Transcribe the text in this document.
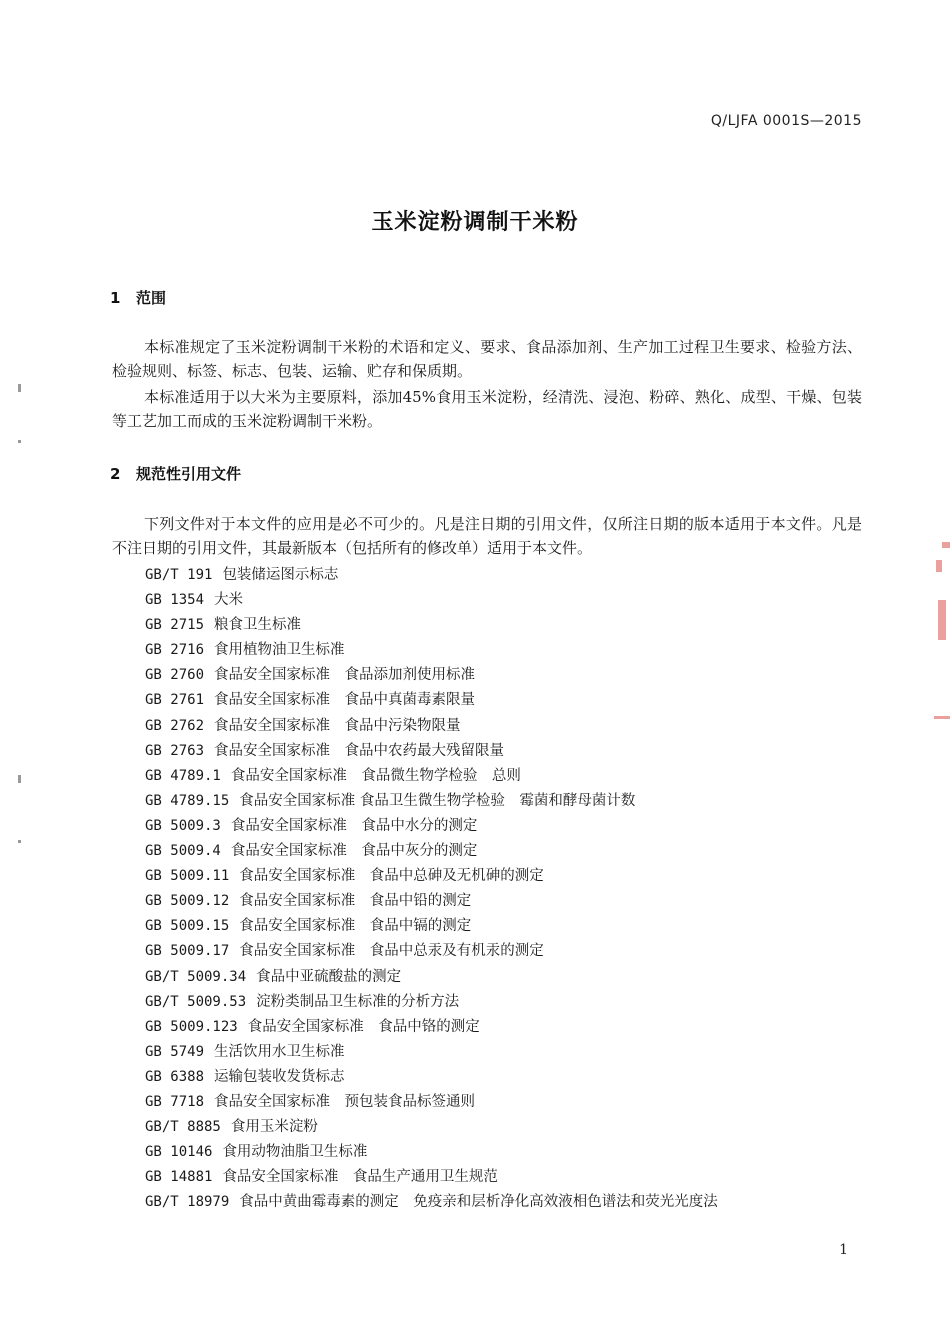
Q/LJFA 0001S—2015
玉米淀粉调制干米粉
1 范围

本标准规定了玉米淀粉调制干米粉的术语和定义、要求、食品添加剂、生产加工过程卫生要求、检验方法、检验规则、标签、标志、包装、运输、贮存和保质期。

本标准适用于以大米为主要原料，添加45%食用玉米淀粉，经清洗、浸泡、粉碎、熟化、成型、干燥、包装等工艺加工而成的玉米淀粉调制干米粉。

2 规范性引用文件

下列文件对于本文件的应用是必不可少的。凡是注日期的引用文件，仅所注日期的版本适用于本文件。凡是不注日期的引用文件，其最新版本（包括所有的修改单）适用于本文件。

GB/T 191 包装储运图示标志
GB 1354 大米
GB 2715 粮食卫生标准
GB 2716 食用植物油卫生标准
GB 2760 食品安全国家标准　食品添加剂使用标准
GB 2761 食品安全国家标准　食品中真菌毒素限量
GB 2762 食品安全国家标准　食品中污染物限量
GB 2763 食品安全国家标准　食品中农药最大残留限量
GB 4789.1 食品安全国家标准　食品微生物学检验　总则
GB 4789.15 食品安全国家标准 食品卫生微生物学检验　霉菌和酵母菌计数
GB 5009.3 食品安全国家标准　食品中水分的测定
GB 5009.4 食品安全国家标准　食品中灰分的测定
GB 5009.11 食品安全国家标准　食品中总砷及无机砷的测定
GB 5009.12 食品安全国家标准　食品中铅的测定
GB 5009.15 食品安全国家标准　食品中镉的测定
GB 5009.17 食品安全国家标准　食品中总汞及有机汞的测定
GB/T 5009.34 食品中亚硫酸盐的测定
GB/T 5009.53 淀粉类制品卫生标准的分析方法
GB 5009.123 食品安全国家标准　食品中铬的测定
GB 5749 生活饮用水卫生标准
GB 6388 运输包装收发货标志
GB 7718 食品安全国家标准　预包装食品标签通则
GB/T 8885 食用玉米淀粉
GB 10146 食用动物油脂卫生标准
GB 14881 食品安全国家标准　食品生产通用卫生规范
GB/T 18979 食品中黄曲霉毒素的测定　免疫亲和层析净化高效液相色谱法和荧光光度法
1
